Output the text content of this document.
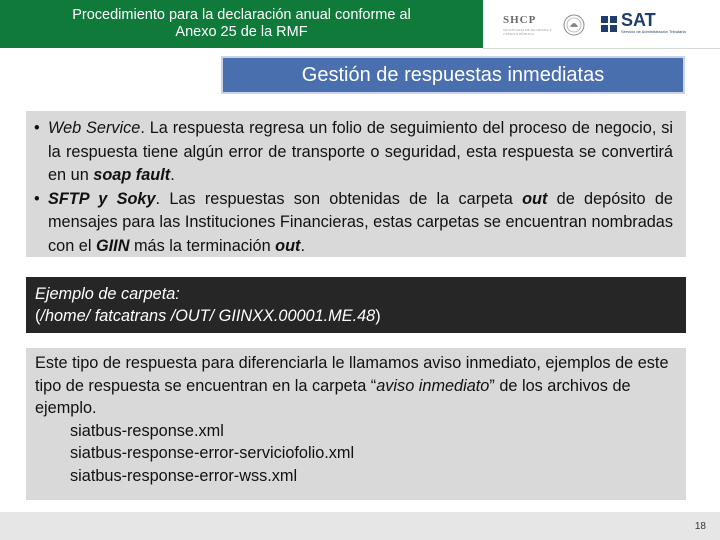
Procedimiento para la declaración anual conforme al
Anexo 25 de la RMF
SHCP
SECRETARÍA DE HACIENDA Y CRÉDITO PÚBLICO
SAT
Servicio de Administración Tributaria
Gestión de respuestas inmediatas
• Web Service. La respuesta regresa un folio de seguimiento del proceso de negocio, si la respuesta tiene algún error de transporte o seguridad, esta respuesta se convertirá en un soap fault.
• SFTP y Soky. Las respuestas son obtenidas de la carpeta out de depósito de mensajes para las Instituciones Financieras, estas carpetas se encuentran nombradas con el GIIN más la terminación out.
Ejemplo de carpeta:
(/home/ fatcatrans /OUT/ GIINXX.00001.ME.48)
Este tipo de respuesta para diferenciarla le llamamos aviso inmediato, ejemplos de este tipo de respuesta se encuentran en la carpeta “aviso inmediato” de los archivos de ejemplo.
siatbus-response.xml
siatbus-response-error-serviciofolio.xml
siatbus-response-error-wss.xml
18
